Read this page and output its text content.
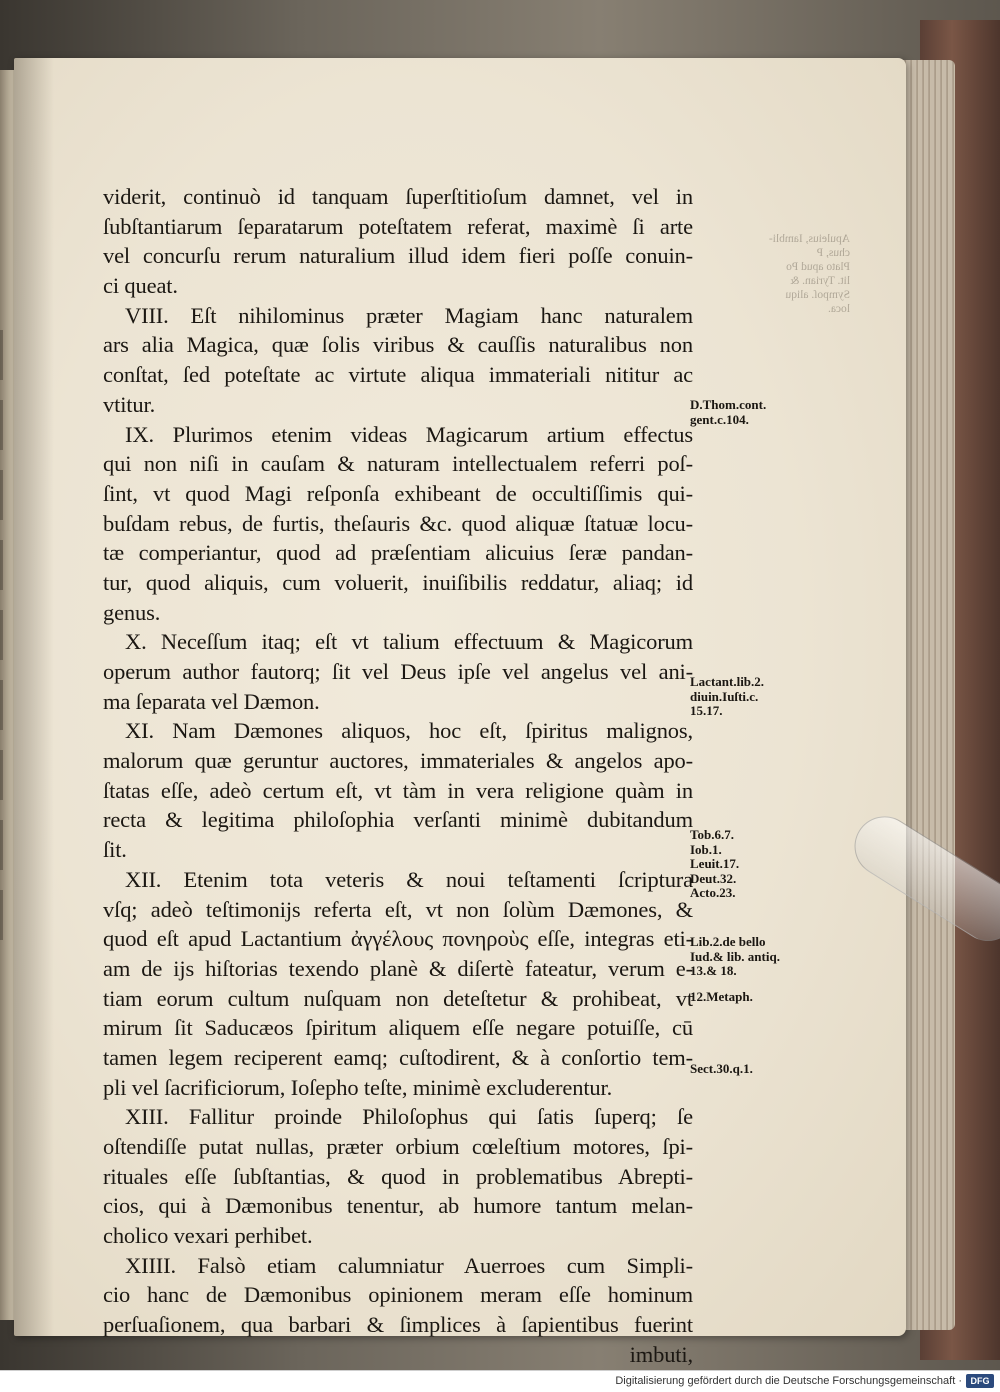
Apuleius, Iambli-
chus, P
Plato apud Po
lit. Tyrian. &
Sympoſ. aliqu
loca.
viderit, continuò id tanquam ſuperſtitioſum damnet, vel in
ſubſtantiarum ſeparatarum poteſtatem referat, maximè ſi arte
vel concurſu rerum naturalium illud idem fieri poſſe conuin-
ci queat.
VIII. Eſt nihilominus præter Magiam hanc naturalem
ars alia Magica, quæ ſolis viribus & cauſſis naturalibus non
conſtat, ſed poteſtate ac virtute aliqua immateriali nititur ac
vtitur.
IX. Plurimos etenim videas Magicarum artium effectus
qui non niſi in cauſam & naturam intellectualem referri poſ-
ſint, vt quod Magi reſponſa exhibeant de occultiſſimis qui-
buſdam rebus, de furtis, theſauris &c. quod aliquæ ſtatuæ locu-
tæ comperiantur, quod ad præſentiam alicuius ſeræ pandan-
tur, quod aliquis, cum voluerit, inuiſibilis reddatur, aliaq; id
genus.
X. Neceſſum itaq; eſt vt talium effectuum & Magicorum
operum author fautorq; ſit vel Deus ipſe vel angelus vel ani-
ma ſeparata vel Dæmon.
XI. Nam Dæmones aliquos, hoc eſt, ſpiritus malignos,
malorum quæ geruntur auctores, immateriales & angelos apo-
ſtatas eſſe, adeò certum eſt, vt tàm in vera religione quàm in
recta & legitima philoſophia verſanti minimè dubitandum
ſit.
XII. Etenim tota veteris & noui teſtamenti ſcriptura
vſq; adeò teſtimonijs referta eſt, vt non ſolùm Dæmones, &
quod eſt apud Lactantium ἀγγέλους πονηροὺς eſſe, integras eti-
am de ijs hiſtorias texendo planè & diſertè fateatur, verum e-
tiam eorum cultum nuſquam non deteſtetur & prohibeat, vt
mirum ſit Saducæos ſpiritum aliquem eſſe negare potuiſſe, cū
tamen legem reciperent eamq; cuſtodirent, & à conſortio tem-
pli vel ſacrificiorum, Ioſepho teſte, minimè excluderentur.
XIII. Fallitur proinde Philoſophus qui ſatis ſuperq; ſe
oſtendiſſe putat nullas, præter orbium cœleſtium motores, ſpi-
rituales eſſe ſubſtantias, & quod in problematibus Abrepti-
cios, qui à Dæmonibus tenentur, ab humore tantum melan-
cholico vexari perhibet.
XIIII. Falsò etiam calumniatur Auerroes cum Simpli-
cio hanc de Dæmonibus opinionem meram eſſe hominum
perſuaſionem, qua barbari & ſimplices à ſapientibus fuerint
imbuti,
D.Thom.cont.
gent.c.104.
Lactant.lib.2.
diuin.Iuſti.c.
15.17.
Tob.6.7.
Iob.1.
Leuit.17.
Deut.32.
Acto.23.
Lib.2.de bello
Iud.& lib. antiq.
13.& 18.
12.Metaph.
Sect.30.q.1.
Digitalisierung gefördert durch die Deutsche Forschungsgemeinschaft · DFG
